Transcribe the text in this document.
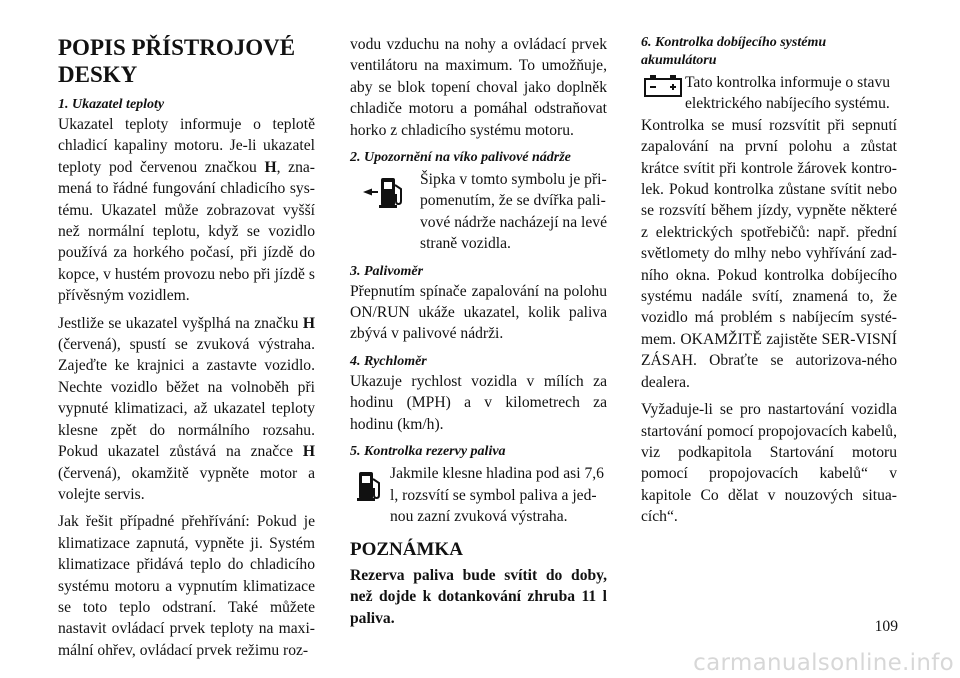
POPIS PŘÍSTROJOVÉ DESKY
1. Ukazatel teploty

Ukazatel teploty informuje o teplotě chladicí kapaliny motoru. Je-li ukazatel teploty pod červenou značkou H, zna-mená to řádné fungování chladicího sys-tému. Ukazatel může zobrazovat vyšší než normální teplotu, když se vozidlo používá za horkého počasí, při jízdě do kopce, v hustém provozu nebo při jízdě s přívěsným vozidlem.

Jestliže se ukazatel vyšplhá na značku H (červená), spustí se zvuková výstraha. Zajeďte ke krajnici a zastavte vozidlo. Nechte vozidlo běžet na volnoběh při vypnuté klimatizaci, až ukazatel teploty klesne zpět do normálního rozsahu. Pokud ukazatel zůstává na značce H (červená), okamžitě vypněte motor a volejte servis.

Jak řešit případné přehřívání: Pokud je klimatizace zapnutá, vypněte ji. Systém klimatizace přidává teplo do chladicího systému motoru a vypnutím klimatizace se toto teplo odstraní. Také můžete nastavit ovládací prvek teploty na maxi-mální ohřev, ovládací prvek režimu roz-

vodu vzduchu na nohy a ovládací prvek ventilátoru na maximum. To umožňuje, aby se blok topení choval jako doplněk chladiče motoru a pomáhal odstraňovat horko z chladicího systému motoru.

2. Upozornění na víko palivové nádrže
Šipka v tomto symbolu je při-pomenutím, že se dvířka pali-vové nádrže nacházejí na levé straně vozidla.
3. Palivoměr

Přepnutím spínače zapalování na polohu ON/RUN ukáže ukazatel, kolik paliva zbývá v palivové nádrži.

4. Rychloměr

Ukazuje rychlost vozidla v mílích za hodinu (MPH) a v kilometrech za hodinu (km/h).

5. Kontrolka rezervy paliva
Jakmile klesne hladina pod asi 7,6 l, rozsvítí se symbol paliva a jed-nou zazní zvuková výstraha.
POZNÁMKA

Rezerva paliva bude svítit do doby, než dojde k dotankování zhruba 11 l paliva.

6. Kontrolka dobíjecího systému akumulátoru
Tato kontrolka informuje o stavu elektrického nabíjecího systému.

Kontrolka se musí rozsvítit při sepnutí zapalování na první polohu a zůstat krátce svítit při kontrole žárovek kontro-lek. Pokud kontrolka zůstane svítit nebo se rozsvítí během jízdy, vypněte některé z elektrických spotřebičů: např. přední světlomety do mlhy nebo vyhřívání zad-ního okna. Pokud kontrolka dobíjecího systému nadále svítí, znamená to, že vozidlo má problém s nabíjecím systé-mem. OKAMŽITĚ zajistěte SER-VISNÍ ZÁSAH. Obraťte se autorizova-ného dealera.

Vyžaduje-li se pro nastartování vozidla startování pomocí propojovacích kabelů, viz podkapitola Startování motoru pomocí propojovacích kabelů“ v kapitole Co dělat v nouzových situa-cích“.

109
carmanualsonline.info
